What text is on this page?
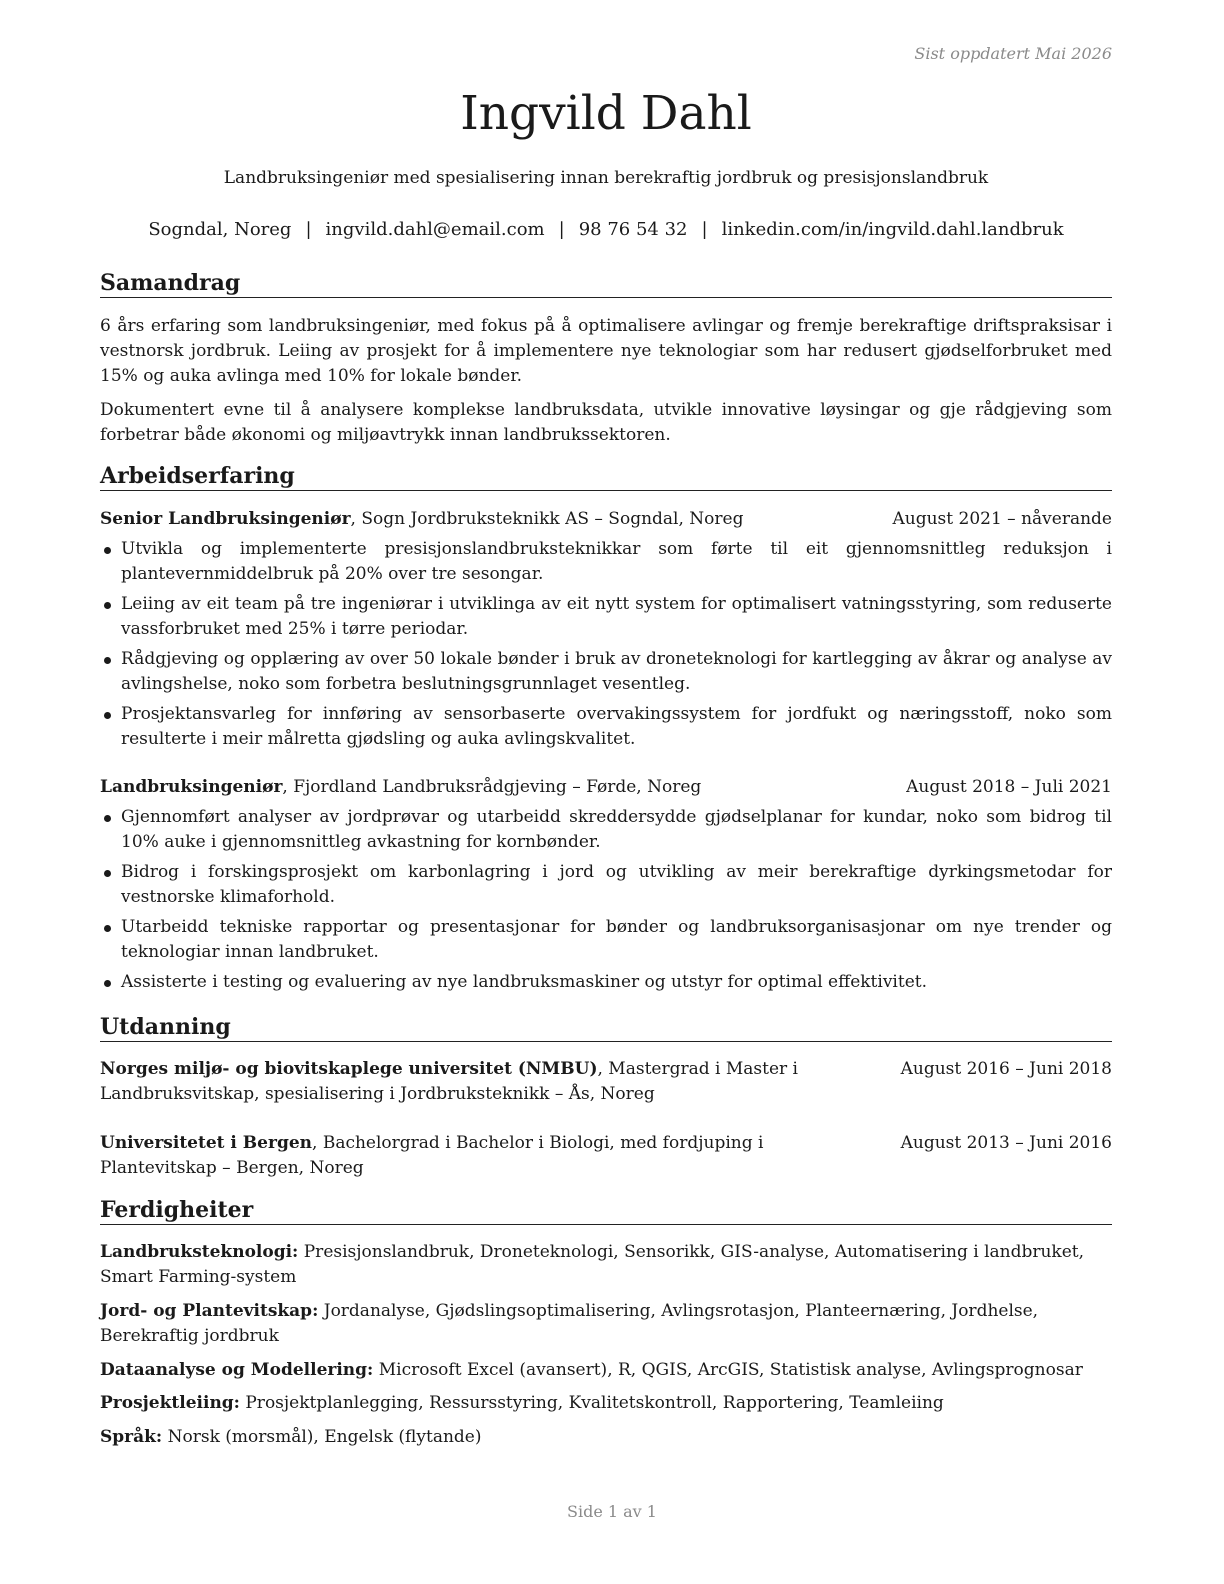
Sist oppdatert Mai 2026
Ingvild Dahl
Landbruksingeniør med spesialisering innan berekraftig jordbruk og presisjonslandbruk
Sogndal, Noreg | ingvild.dahl@email.com | 98 76 54 32 | linkedin.com/in/ingvild.dahl.landbruk
Samandrag
6 års erfaring som landbruksingeniør, med fokus på å optimalisere avlingar og fremje berekraftige driftspraksisar i vestnorsk jordbruk. Leiing av prosjekt for å implementere nye teknologiar som har redusert gjødselforbruket med 15% og auka avlinga med 10% for lokale bønder.
Dokumentert evne til å analysere komplekse landbruksdata, utvikle innovative løysingar og gje rådgjeving som forbetrar både økonomi og miljøavtrykk innan landbrukssektoren.
Arbeidserfaring
Senior Landbruksingeniør, Sogn Jordbruksteknikk AS – Sogndal, Noreg	August 2021 – nåverande
Utvikla og implementerte presisjonslandbruksteknikkar som førte til eit gjennomsnittleg reduksjon i plantevernmiddelbruk på 20% over tre sesongar.
Leiing av eit team på tre ingeniørar i utviklinga av eit nytt system for optimalisert vatningsstyring, som reduserte vassforbruket med 25% i tørre periodar.
Rådgjeving og opplæring av over 50 lokale bønder i bruk av droneteknologi for kartlegging av åkrar og analyse av avlingshelse, noko som forbetra beslutningsgrunnlaget vesentleg.
Prosjektansvarleg for innføring av sensorbaserte overvakingssystem for jordfukt og næringsstoff, noko som resulterte i meir målretta gjødsling og auka avlingskvalitet.
Landbruksingeniør, Fjordland Landbruksrådgjeving – Førde, Noreg	August 2018 – Juli 2021
Gjennomført analyser av jordprøvar og utarbeidd skreddersydde gjødselplanar for kundar, noko som bidrog til 10% auke i gjennomsnittleg avkastning for kornbønder.
Bidrog i forskingsprosjekt om karbonlagring i jord og utvikling av meir berekraftige dyrkingsmetodar for vestnorske klimaforhold.
Utarbeidd tekniske rapportar og presentasjonar for bønder og landbruksorganisasjonar om nye trender og teknologiar innan landbruket.
Assisterte i testing og evaluering av nye landbruksmaskiner og utstyr for optimal effektivitet.
Utdanning
Norges miljø- og biovitskaplege universitet (NMBU), Mastergrad i Master i Landbruksvitskap, spesialisering i Jordbruksteknikk – Ås, Noreg
August 2016 – Juni 2018
Universitetet i Bergen, Bachelorgrad i Bachelor i Biologi, med fordjuping i Plantevitskap – Bergen, Noreg
August 2013 – Juni 2016
Ferdigheiter
Landbruksteknologi: Presisjonslandbruk, Droneteknologi, Sensorikk, GIS-analyse, Automatisering i landbruket, Smart Farming-system
Jord- og Plantevitskap: Jordanalyse, Gjødslingsoptimalisering, Avlingsrotasjon, Planteernæring, Jordhelse, Berekraftig jordbruk
Dataanalyse og Modellering: Microsoft Excel (avansert), R, QGIS, ArcGIS, Statistisk analyse, Avlingsprognosar
Prosjektleiing: Prosjektplanlegging, Ressursstyring, Kvalitetskontroll, Rapportering, Teamleiing
Språk: Norsk (morsmål), Engelsk (flytande)
Side 1 av 1
